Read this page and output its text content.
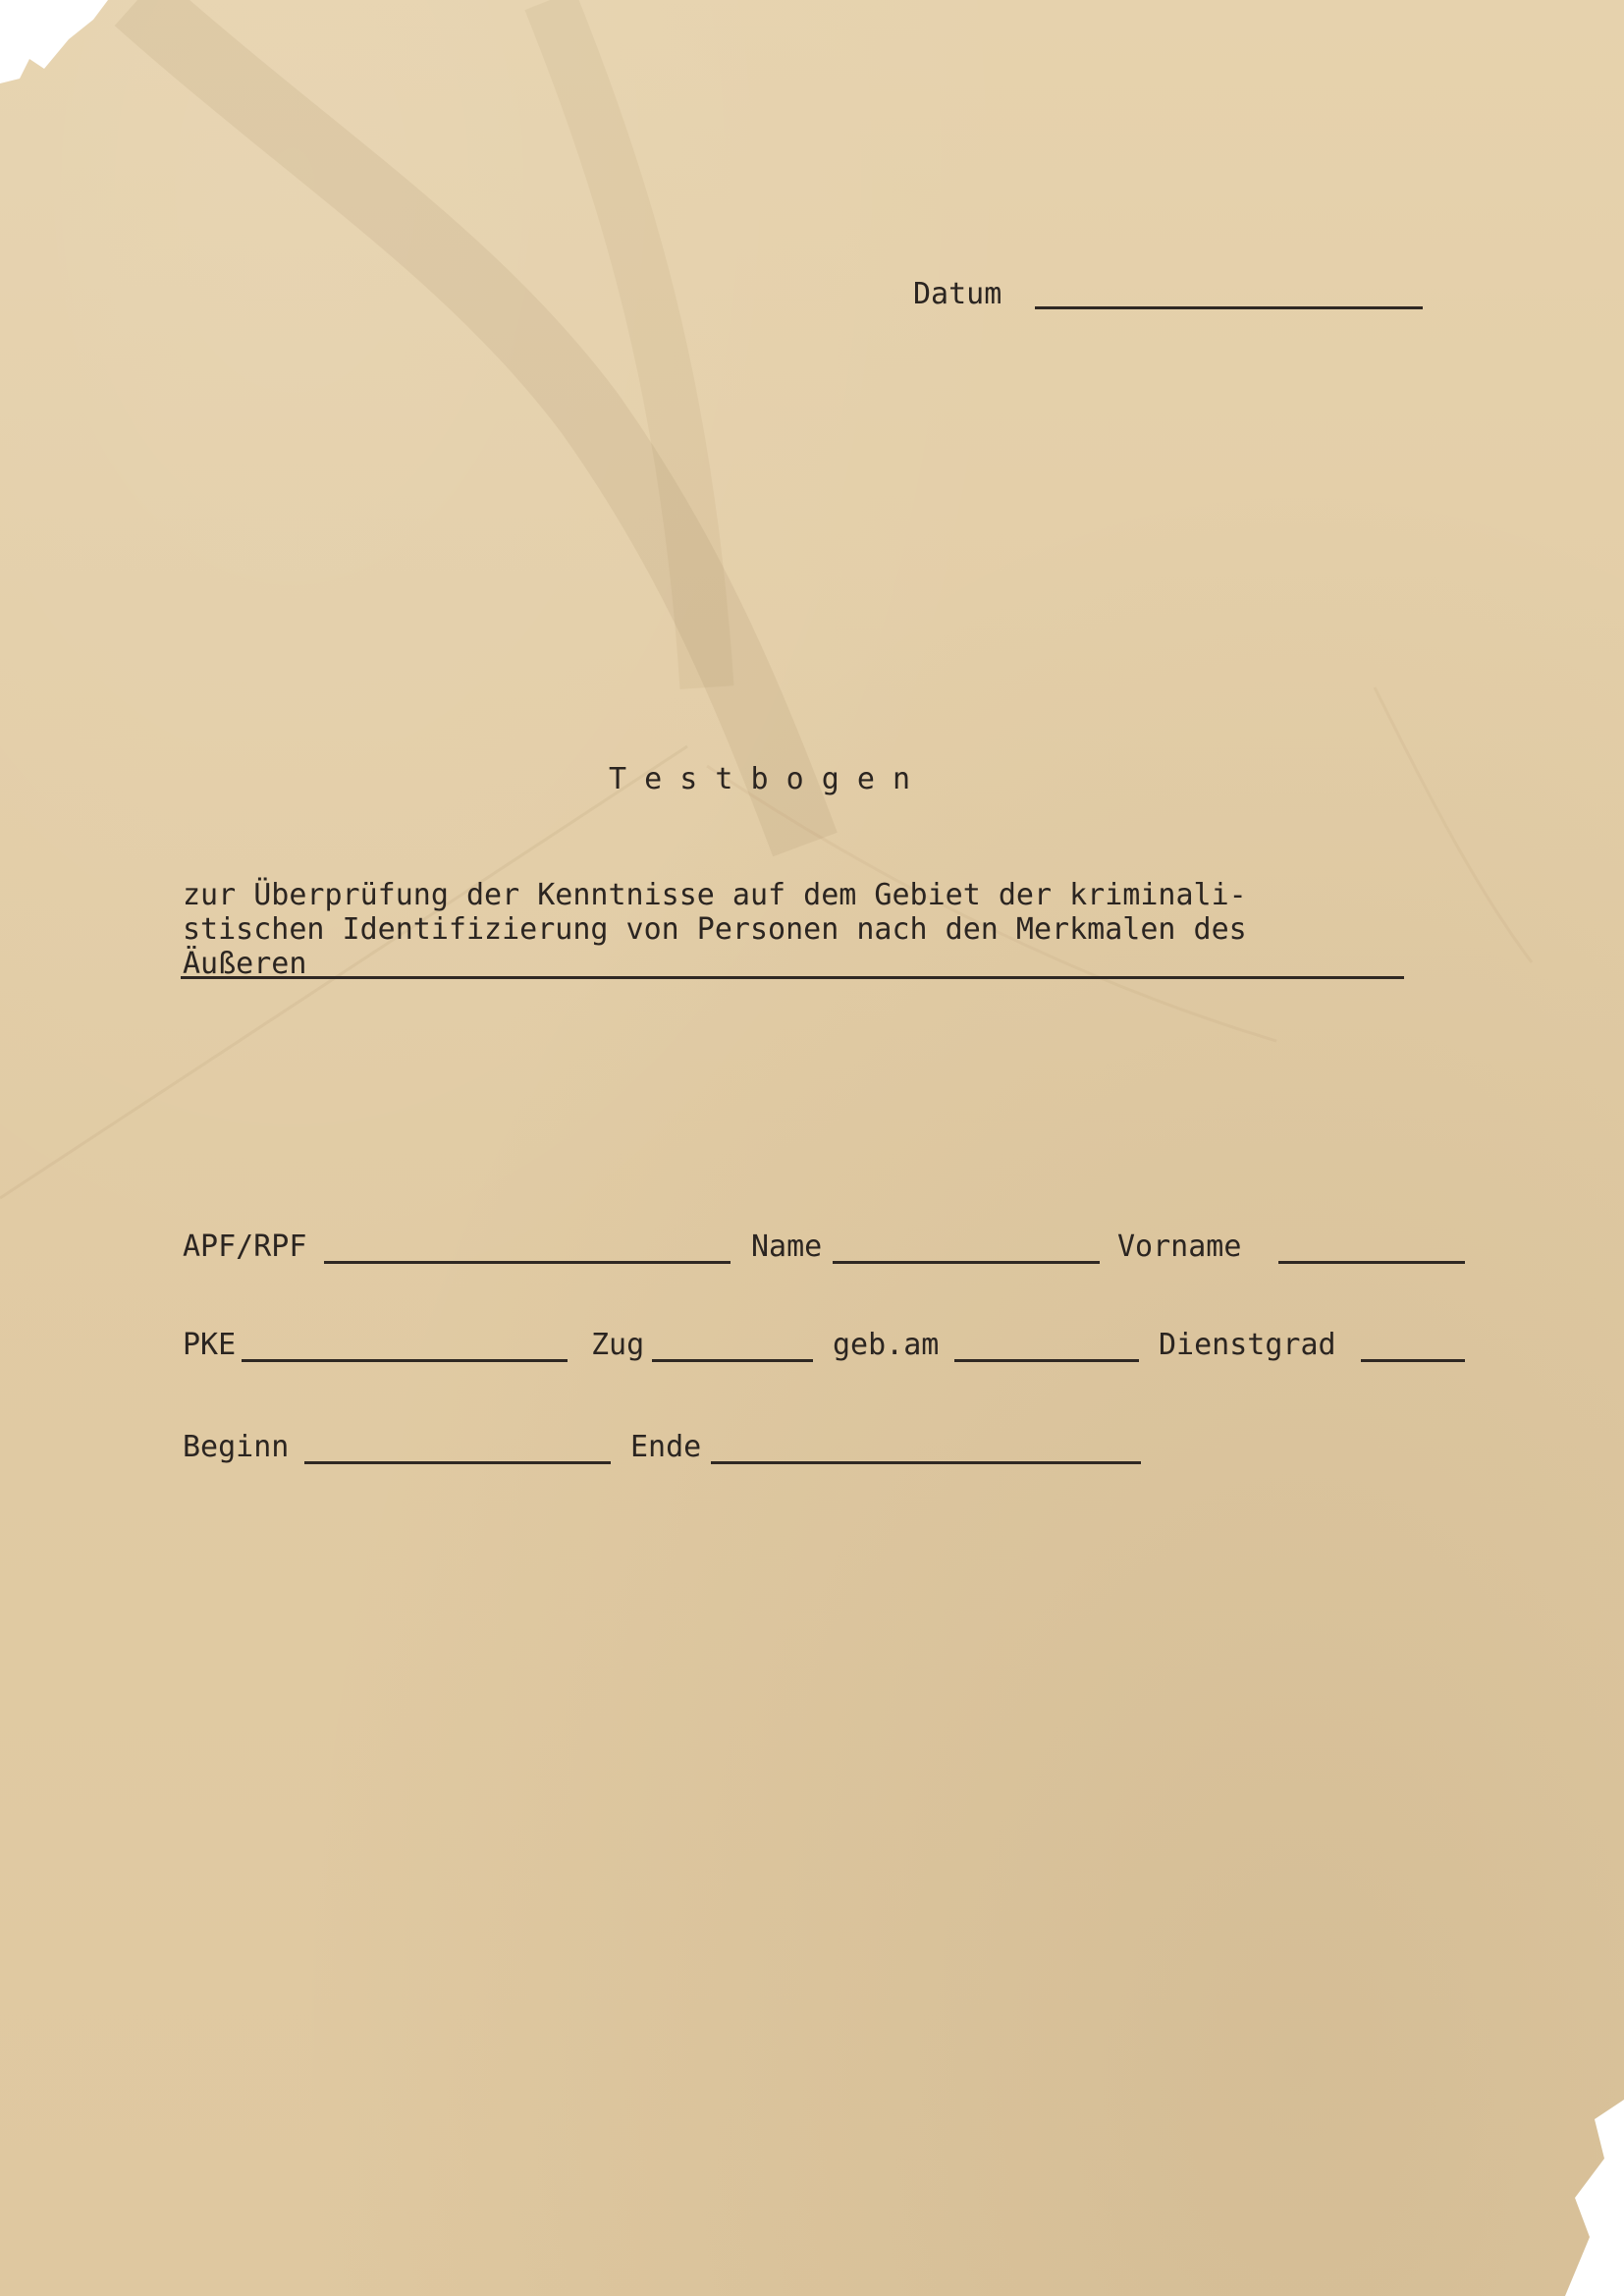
Datum
T e s t b o g e n
zur Überprüfung der Kenntnisse auf dem Gebiet der kriminali-
stischen Identifizierung von Personen nach den Merkmalen des
Äußeren
APF/RPF	Name	Vorname
PKE	Zug	geb.am	Dienstgrad
Beginn	Ende
